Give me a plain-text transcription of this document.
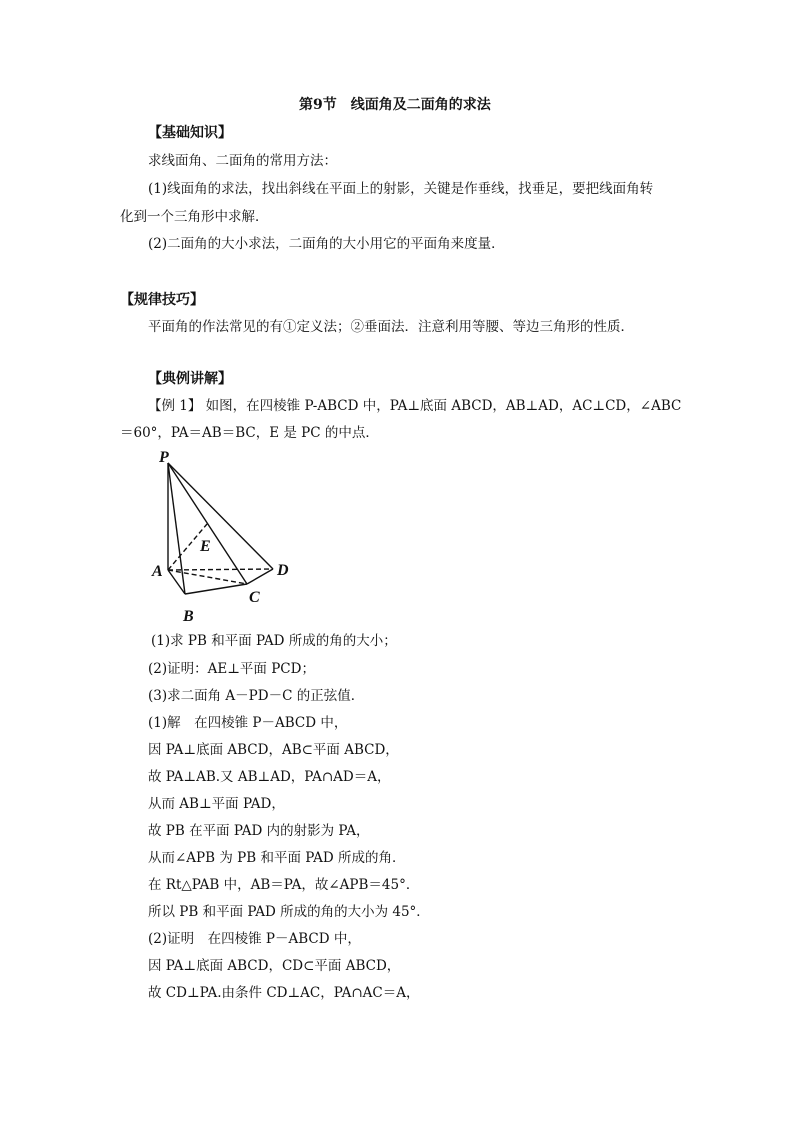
第9节　线面角及二面角的求法
【基础知识】
求线面角、二面角的常用方法：
(1)线面角的求法，找出斜线在平面上的射影，关键是作垂线，找垂足，要把线面角转
化到一个三角形中求解．
(2)二面角的大小求法，二面角的大小用它的平面角来度量．
【规律技巧】
平面角的作法常见的有①定义法；②垂面法．注意利用等腰、等边三角形的性质．
【典例讲解】
【例 1】 如图，在四棱锥 P-ABCD 中，PA⊥底面 ABCD，AB⊥AD，AC⊥CD，∠ABC
＝60°，PA＝AB＝BC，E 是 PC 的中点．
P
E
A	D
B
C
(1)求 PB 和平面 PAD 所成的角的大小；
(2)证明：AE⊥平面 PCD；
(3)求二面角 A－PD－C 的正弦值．
(1)解　在四棱锥 P－ABCD 中，
因 PA⊥底面 ABCD，AB⊂平面 ABCD，
故 PA⊥AB.又 AB⊥AD，PA∩AD＝A，
从而 AB⊥平面 PAD，
故 PB 在平面 PAD 内的射影为 PA，
从而∠APB 为 PB 和平面 PAD 所成的角．
在 Rt△PAB 中，AB＝PA，故∠APB＝45°．
所以 PB 和平面 PAD 所成的角的大小为 45°．
(2)证明　在四棱锥 P－ABCD 中，
因 PA⊥底面 ABCD，CD⊂平面 ABCD，
故 CD⊥PA.由条件 CD⊥AC，PA∩AC＝A，
